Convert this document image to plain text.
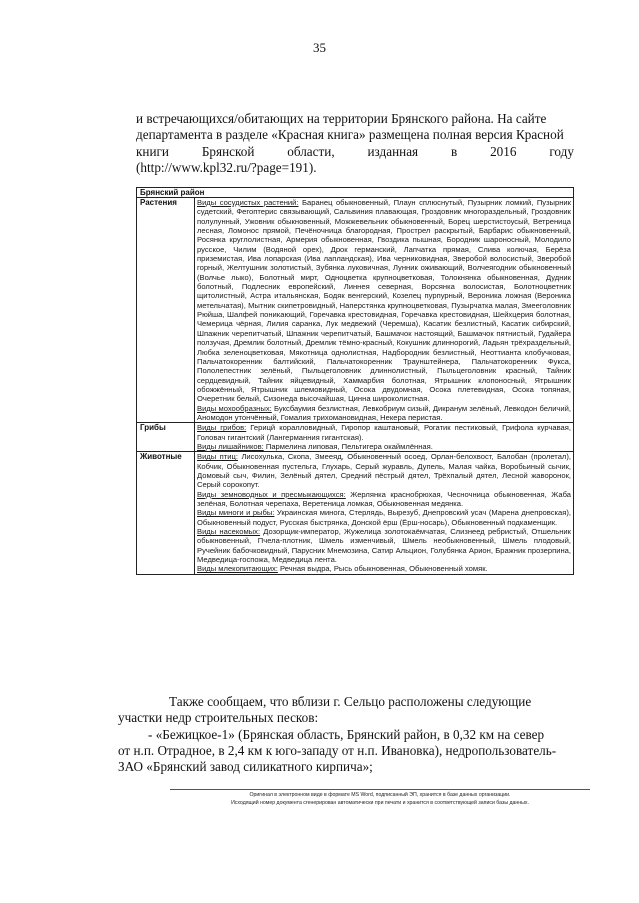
35
и встречающихся/обитающих на территории Брянского района. На сайте
департамента в разделе «Красная книга» размещена полная версия Красной
книги Брянской области, изданная в 2016 году
(http://www.kpl32.ru/?page=191).
Брянский район	
Растения	Виды сосудистых растений: Баранец обыкновенный, Плаун сплюснутый, Пузырник ломкий, Пузырник судетский, Фегоптерис связывающий, Сальвиния плавающая, Гроздовник многораздельный, Гроздовник полулунный, Ужовник обыкновенный, Можжевельник обыкновенный, Борец шерстистоусый, Ветреница лесная, Ломонос прямой, Печёночница благородная, Прострел раскрытый, Барбарис обыкновенный, Росянка круглолистная, Армерия обыкновенная, Гвоздика пышная, Бородник шароносный, Молодило русское, Чилим (Водяной орех), Дрок германский, Лапчатка прямая, Слива колючая, Берёза приземистая, Ива лопарская (Ива лапландская), Ива черниковидная, Зверобой волосистый, Зверобой горный, Желтушник золотистый, Зубянка луковичная, Лунник оживающий, Волчеягодник обыкновенный (Волчье лыко), Болотный мирт, Одноцветка крупноцветковая, Толокнянка обыкновенная, Дудник болотный, Подлесник европейский, Линнея северная, Ворсянка волосистая, Болотноцветник щитолистный, Астра итальянская, Бодяк венгерский, Козелец пурпурный, Вероника ложная (Вероника метельчатая), Мытник скипетровидный, Наперстянка крупноцветковая, Пузырчатка малая, Змееголовник Рюйша, Шалфей поникающий, Горечавка крестовидная, Горечавка крестовидная, Шейхцерия болотная, Чемерица чёрная, Лилия саранка, Лук медвежий (Черемша), Касатик безлистный, Касатик сибирский, Шпажник черепитчатый, Шпажник черепитчатый, Башмачок настоящий, Башмачок пятнистый, Гудайера ползучая, Дремлик болотный, Дремлик тёмно-красный, Кокушник длиннорогий, Ладьян трёхраздельный, Любка зеленоцветковая, Мякотница однолистная, Надбородник безлистный, Неоттианта клобучковая, Пальчатокоренник балтийский, Пальчатокоренник Траунштейнера, Пальчатокоренник Фукса, Пололепестник зелёный, Пыльцеголовник длиннолистный, Пыльцеголовник красный, Тайник сердцевидный, Тайник яйцевидный, Хаммарбия болотная, Ятрышник клопоносный, Ятрышник обожжённый, Ятрышник шлемовидный, Осока двудомная, Осока плетевидная, Осока топяная, Очеретник белый, Сизонеда высочайшая, Цинна широколистная.
Виды мохообразных: Буксбаумия безлистная, Левкобриум сизый, Дикранум зелёный, Левкодон беличий, Аномодон утончённый, Гомалия трихомановидная, Некера перистая.

Грибы	Виды грибов: Герицй коралловидный, Гиропор каштановый, Рогатик пестиковый, Грифола курчавая, Головач гигантский (Лангерманния гигантская).
Виды лишайников: Пармелина липовая, Пельтигера окаймлённая.

Животные	Виды птиц: Лисохулька, Скопа, Змееяд, Обыкновенный осоед, Орлан-белохвост, Балобан (пролетал), Кобчик, Обыкновенная пустельга, Глухарь, Серый журавль, Дупель, Малая чайка, Воробьиный сычик, Домовый сыч, Филин, Зелёный дятел, Средний пёстрый дятел, Трёхпалый дятел, Лесной жаворонок, Серый сорокопут.
Виды земноводных и пресмыкающихся: Жерлянка краснобрюхая, Чесночница обыкновенная, Жаба зелёная, Болотная черепаха, Веретеница ломкая, Обыкновенная медянка.
Виды миноги и рыбы: Украинская минога, Стерлядь, Вырезуб, Днепровский усач (Марена днепровская), Обыкновенный подуст, Русская быстрянка, Донской ёрш (Ёрш-носарь), Обыкновенный подкаменщик.
Виды насекомых: Дозорщик-император, Жужелица золотокаёмчатая, Слизнеед ребристый, Отшельник обыкновенный, Пчела-плотник, Шмель изменчивый, Шмель необыкновенный, Шмель плодовый, Ручейник бабочковидный, Парусник Мнемозина, Сатир Альцион, Голубянка Арион, Бражник прозерпина, Медведица-госпожа, Медведица лента.
Виды млекопитающих: Речная выдра, Рысь обыкновенная, Обыкновенный хомяк.
Также сообщаем, что вблизи г. Сельцо расположены следующие
участки недр строительных песков:
- «Бежицкое-1» (Брянская область, Брянский район, в 0,32 км на север
от н.п. Отрадное, в 2,4 км к юго-западу от н.п. Ивановка), недропользователь-
ЗАО «Брянский завод силикатного кирпича»;
Оригинал в электронном виде в формате MS Word, подписанный ЭП, хранится в базе данных организации.
Исходящий номер документа сгенерирован автоматически при печати и хранится в соответствующей записи базы данных.
